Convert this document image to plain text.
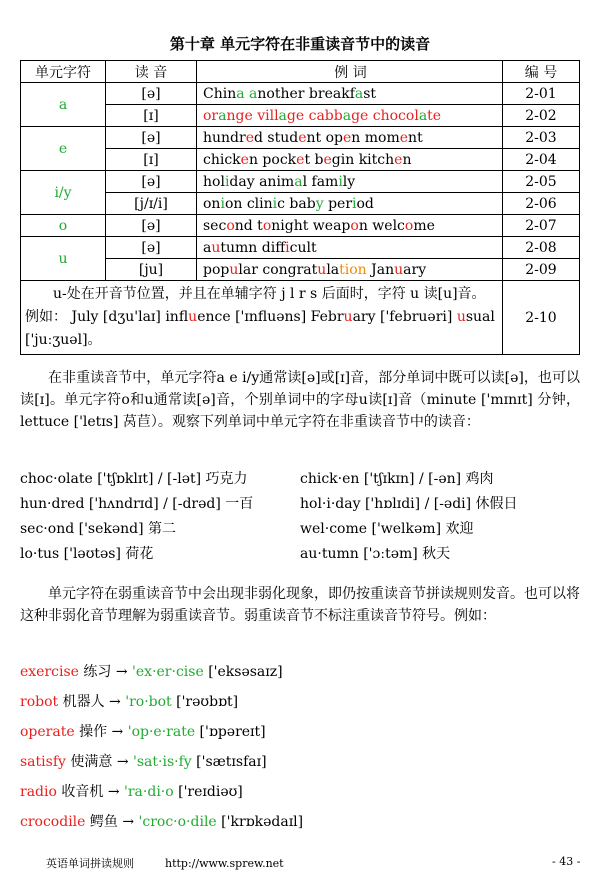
第十章 单元字符在非重读音节中的读音
单元字符	读 音	例 词	编 号
a	[ə]	China another breakfast	2-01
	[ɪ]	orange village cabbage chocolate	2-02
e	[ə]	hundred student open moment	2-03
	[ɪ]	chicken pocket begin kitchen	2-04
i/y	[ə]	holiday animal family	2-05
	[j/ɪ/i]	onion clinic baby period	2-06
o	[ə]	second tonight weapon welcome	2-07
u	[ə]	autumn difficult	2-08
	[ju]	popular congratulation January	2-09
u-处在开音节位置，并且在单辅字符 j l r s 后面时，字符 u 读[u]音。例如： July [dʒu'laɪ] influence ['ɪnfluəns] February ['februəri] usual ['juːʒuəl]。			2-10
在非重读音节中，单元字符a e i/y通常读[ə]或[ɪ]音，部分单词中既可以读[ə]，也可以读[ɪ]。单元字符o和u通常读[ə]音，个别单词中的字母u读[ɪ]音（minute ['mɪnɪt] 分钟，lettuce ['letɪs] 莴苣）。观察下列单词中单元字符在非重读音节中的读音：
choc·olate ['tʃɒklɪt] / [-lət] 巧克力	chick·en ['tʃɪkɪn] / [-ən] 鸡肉
hun·dred ['hʌndrɪd] / [-drəd] 一百	hol·i·day ['hɒlɪdi] / [-ədi] 休假日
sec·ond ['sekənd] 第二	wel·come ['welkəm] 欢迎
lo·tus ['ləʊtəs] 荷花	au·tumn ['ɔːtəm] 秋天
单元字符在弱重读音节中会出现非弱化现象，即仍按重读音节拼读规则发音。也可以将这种非弱化音节理解为弱重读音节。弱重读音节不标注重读音节符号。例如：
exercise 练习 → 'ex·er·cise ['eksəsaɪz]
robot 机器人 → 'ro·bot ['rəʊbɒt]
operate 操作 → 'op·e·rate ['ɒpəreɪt]
satisfy 使满意 → 'sat·is·fy ['sætɪsfaɪ]
radio 收音机 → 'ra·di·o ['reɪdiəʊ]
crocodile 鳄鱼 → 'croc·o·dile ['krɒkədaɪl]
英语单词拼读规则	http://www.sprew.net	- 43 -
